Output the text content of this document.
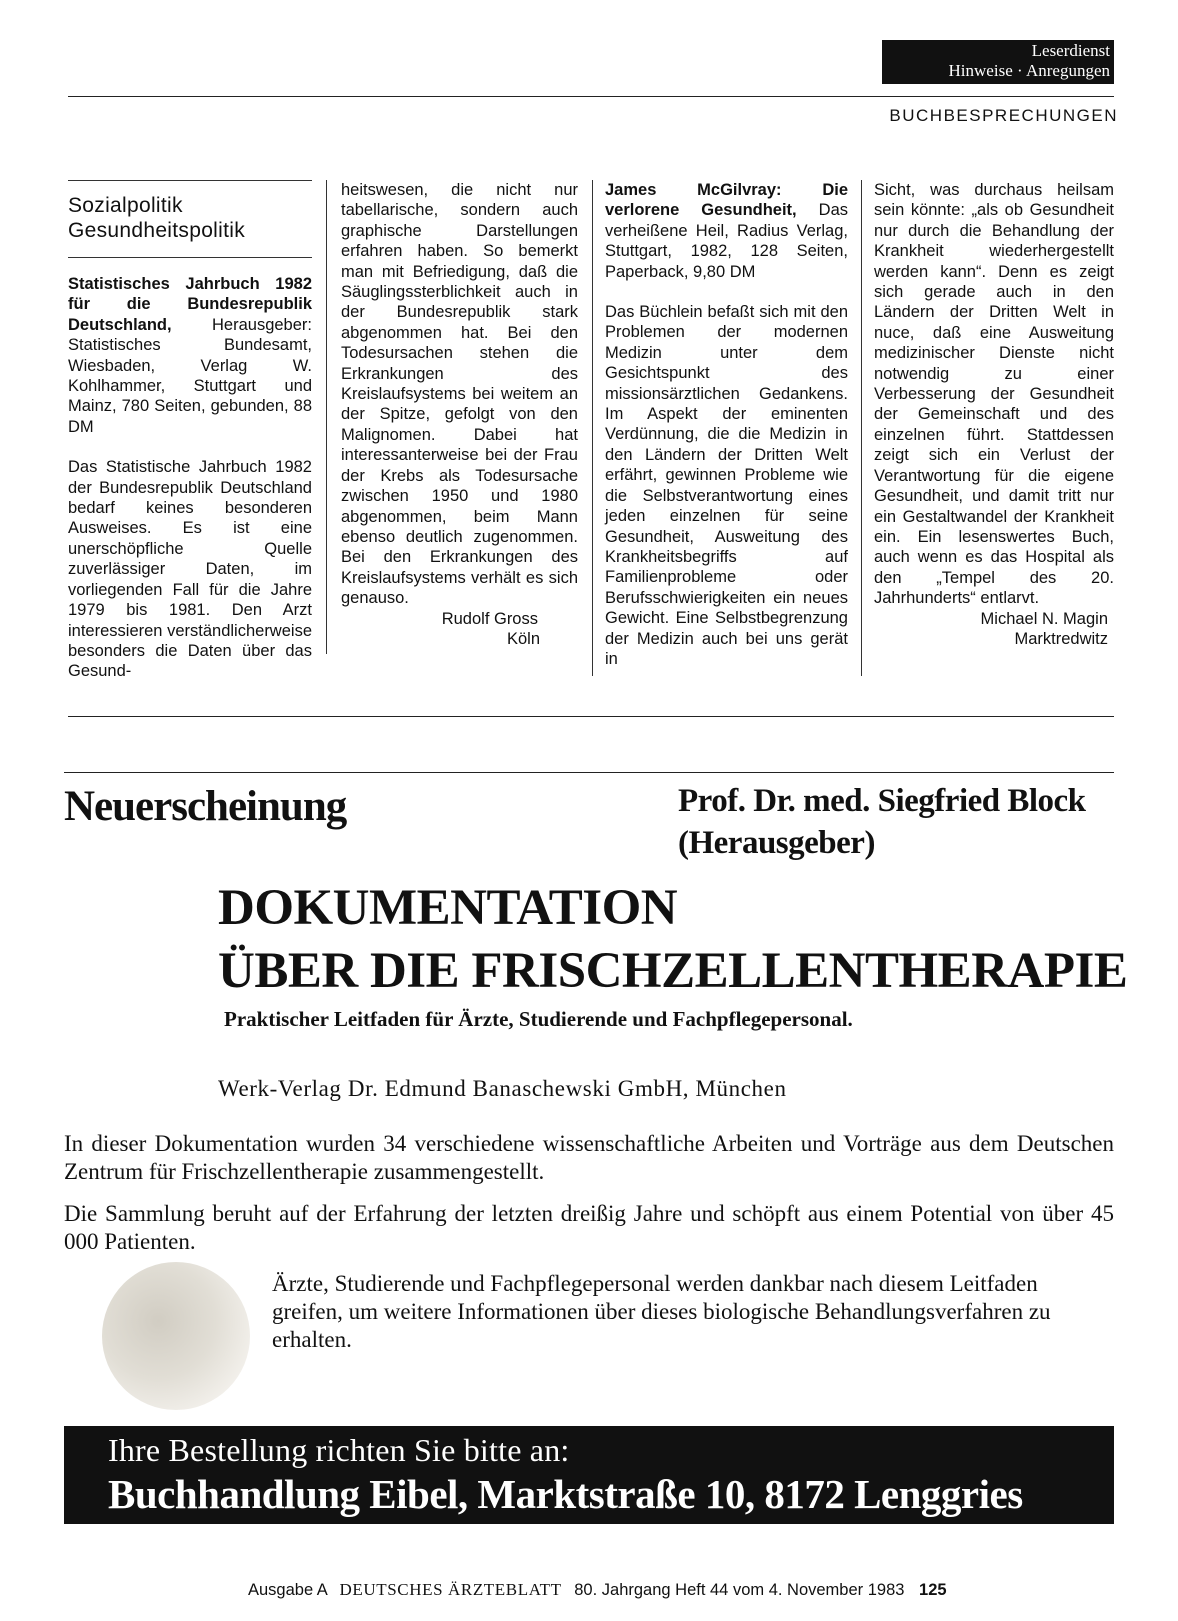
Leserdienst
Hinweise · Anregungen
BUCHBESPRECHUNGEN
Sozialpolitik
Gesundheitspolitik

Statistisches Jahrbuch 1982 für die Bundesrepublik Deutschland, Herausgeber: Statistisches Bundesamt, Wiesbaden, Verlag W. Kohlhammer, Stuttgart und Mainz, 780 Seiten, gebunden, 88 DM

Das Statistische Jahrbuch 1982 der Bundesrepublik Deutschland bedarf keines besonderen Ausweises. Es ist eine unerschöpfliche Quelle zuverlässiger Daten, im vorliegenden Fall für die Jahre 1979 bis 1981. Den Arzt interessieren verständlicherweise besonders die Daten über das Gesund-

heitswesen, die nicht nur tabellarische, sondern auch graphische Darstellungen erfahren haben. So bemerkt man mit Befriedigung, daß die Säuglingssterblichkeit auch in der Bundesrepublik stark abgenommen hat. Bei den Todesursachen stehen die Erkrankungen des Kreislaufsystems bei weitem an der Spitze, gefolgt von den Malignomen. Dabei hat interessanterweise bei der Frau der Krebs als Todesursache zwischen 1950 und 1980 abgenommen, beim Mann ebenso deutlich zugenommen. Bei den Erkrankungen des Kreislaufsystems verhält es sich genauso.

Rudolf Gross
Köln

James McGilvray: Die verlorene Gesundheit, Das verheißene Heil, Radius Verlag, Stuttgart, 1982, 128 Seiten, Paperback, 9,80 DM

Das Büchlein befaßt sich mit den Problemen der modernen Medizin unter dem Gesichtspunkt des missionsärztlichen Gedankens. Im Aspekt der eminenten Verdünnung, die die Medizin in den Ländern der Dritten Welt erfährt, gewinnen Probleme wie die Selbstverantwortung eines jeden einzelnen für seine Gesundheit, Ausweitung des Krankheitsbegriffs auf Familienprobleme oder Berufsschwierigkeiten ein neues Gewicht. Eine Selbstbegrenzung der Medizin auch bei uns gerät in

Sicht, was durchaus heilsam sein könnte: „als ob Gesundheit nur durch die Behandlung der Krankheit wiederhergestellt werden kann“. Denn es zeigt sich gerade auch in den Ländern der Dritten Welt in nuce, daß eine Ausweitung medizinischer Dienste nicht notwendig zu einer Verbesserung der Gesundheit der Gemeinschaft und des einzelnen führt. Stattdessen zeigt sich ein Verlust der Verantwortung für die eigene Gesundheit, und damit tritt nur ein Gestaltwandel der Krankheit ein. Ein lesenswertes Buch, auch wenn es das Hospital als den „Tempel des 20. Jahrhunderts“ entlarvt.

Michael N. Magin
Marktredwitz
Neuerscheinung	Prof. Dr. med. Siegfried Block
(Herausgeber)
DOKUMENTATION
ÜBER DIE FRISCHZELLENTHERAPIE
Praktischer Leitfaden für Ärzte, Studierende und Fachpflegepersonal.
Werk-Verlag Dr. Edmund Banaschewski GmbH, München
In dieser Dokumentation wurden 34 verschiedene wissenschaftliche Arbeiten und Vorträge aus dem Deutschen Zentrum für Frischzellentherapie zusammengestellt.
Die Sammlung beruht auf der Erfahrung der letzten dreißig Jahre und schöpft aus einem Potential von über 45 000 Patienten.
Ärzte, Studierende und Fachpflegepersonal werden dankbar nach diesem Leitfaden greifen, um weitere Informationen über dieses biologische Behandlungsverfahren zu erhalten.
Ihre Bestellung richten Sie bitte an:
Buchhandlung Eibel, Marktstraße 10, 8172 Lenggries
Ausgabe A DEUTSCHES ÄRZTEBLATT 80. Jahrgang Heft 44 vom 4. November 1983 125
